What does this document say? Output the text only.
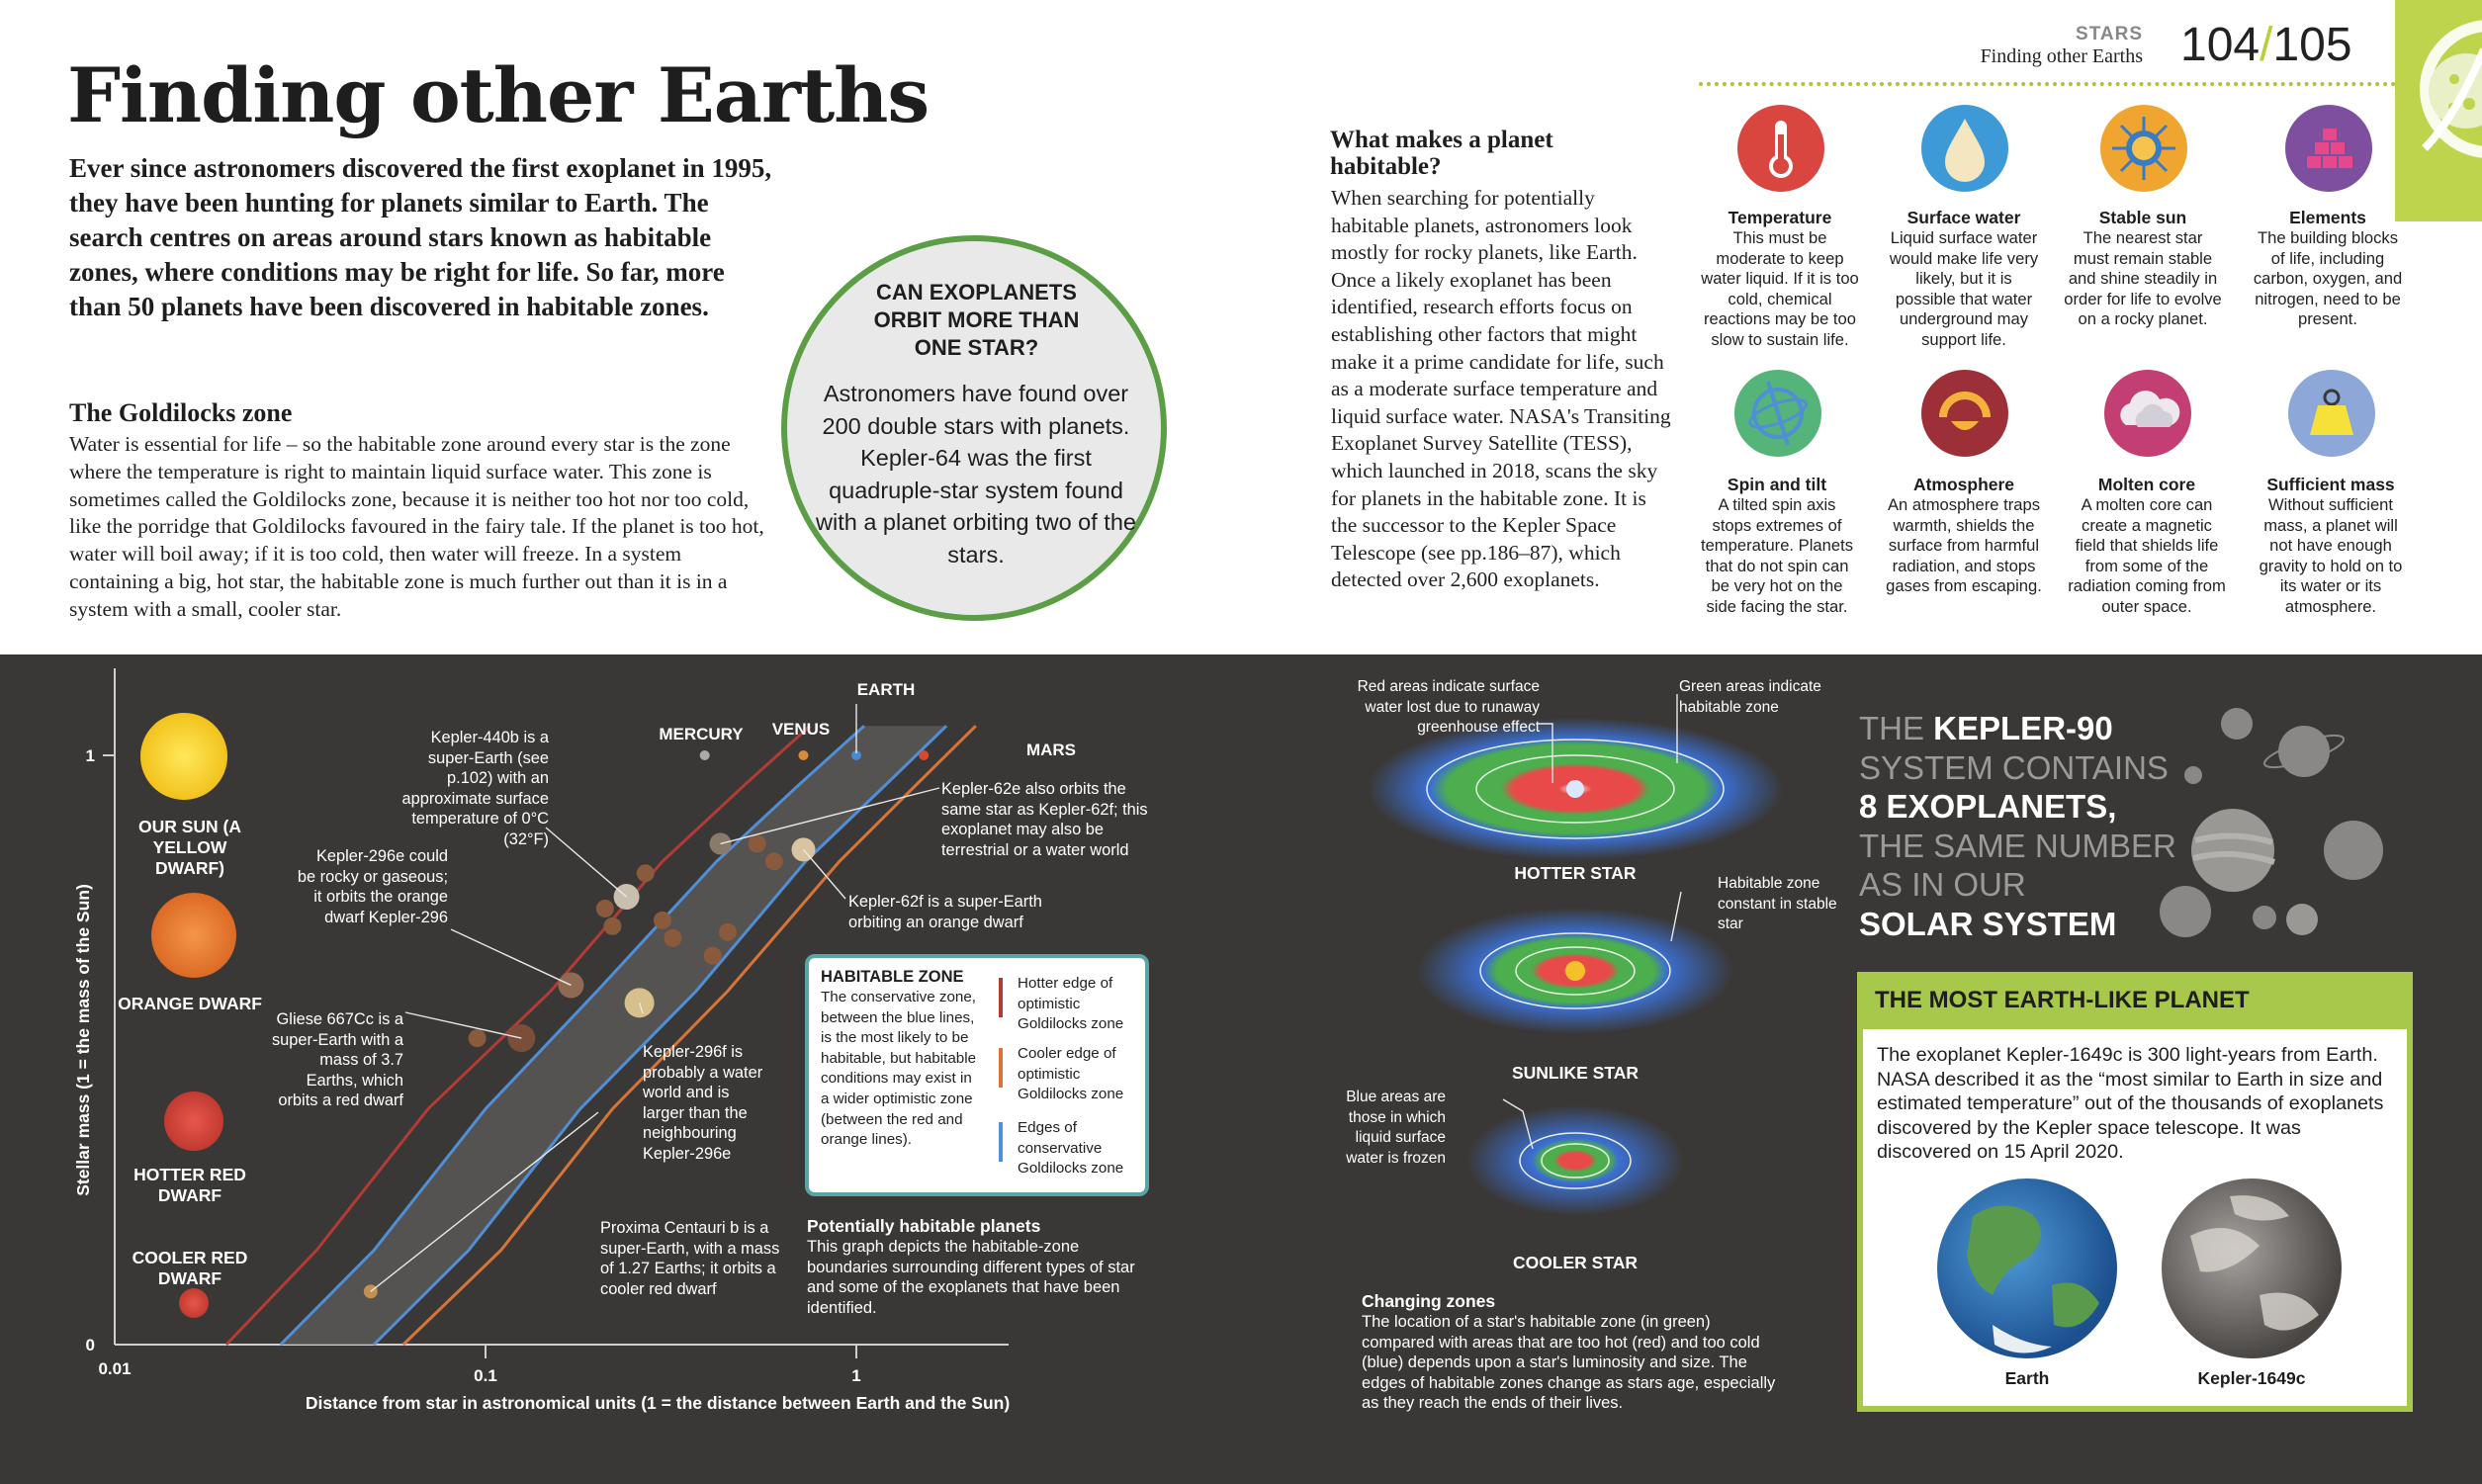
STARS
Finding other Earths 104/105
Finding other Earths

Ever since astronomers discovered the first exoplanet in 1995, they have been hunting for planets similar to Earth. The search centres on areas around stars known as habitable zones, where conditions may be right for life. So far, more than 50 planets have been discovered in habitable zones.

The Goldilocks zone

Water is essential for life – so the habitable zone around every star is the zone where the temperature is right to maintain liquid surface water. This zone is sometimes called the Goldilocks zone, because it is neither too hot nor too cold, like the porridge that Goldilocks favoured in the fairy tale. If the planet is too hot, water will boil away; if it is too cold, then water will freeze. In a system containing a big, hot star, the habitable zone is much further out than it is in a system with a small, cooler star.

CAN EXOPLANETS ORBIT MORE THAN ONE STAR?
Astronomers have found over 200 double stars with planets. Kepler-64 was the first quadruple-star system found with a planet orbiting two of the stars.
What makes a planet habitable?

When searching for potentially habitable planets, astronomers look mostly for rocky planets, like Earth. Once a likely exoplanet has been identified, research efforts focus on establishing other factors that might make it a prime candidate for life, such as a moderate surface temperature and liquid surface water. NASA's Transiting Exoplanet Survey Satellite (TESS), which launched in 2018, scans the sky for planets in the habitable zone. It is the successor to the Kepler Space Telescope (see pp.186–87), which detected over 2,600 exoplanets.

Temperature
This must be moderate to keep water liquid. If it is too cold, chemical reactions may be too slow to sustain life.
Surface water
Liquid surface water would make life very likely, but it is possible that water underground may support life.
Stable sun
The nearest star must remain stable and shine steadily in order for life to evolve on a rocky planet.
Elements
The building blocks of life, including carbon, oxygen, and nitrogen, need to be present.
Spin and tilt
A tilted spin axis stops extremes of temperature. Planets that do not spin can be very hot on the side facing the star.
Atmosphere
An atmosphere traps warmth, shields the surface from harmful radiation, and stops gases from escaping.
Molten core
A molten core can create a magnetic field that shields life from some of the radiation coming from outer space.
Sufficient mass
Without sufficient mass, a planet will not have enough gravity to hold on to its water or its atmosphere.
1
0
0.01	0.1	1
Distance from star in astronomical units (1 = the distance between Earth and the Sun)
Stellar mass (1 = the mass of the Sun)
MERCURY VENUS
EARTH
MARS
OUR SUN (A YELLOW DWARF)
ORANGE DWARF
HOTTER RED DWARF
COOLER RED DWARF
Kepler-440b is a super-Earth (see p.102) with an approximate surface temperature of 0°C (32°F)
Kepler-296e could be rocky or gaseous; it orbits the orange dwarf Kepler-296
Gliese 667Cc is a super-Earth with a mass of 3.7 Earths, which orbits a red dwarf
Kepler-296f is probably a water world and is larger than the neighbouring Kepler-296e
Kepler-62e also orbits the same star as Kepler-62f; this exoplanet may also be terrestrial or a water world
Kepler-62f is a super-Earth orbiting an orange dwarf
Proxima Centauri b is a super-Earth, with a mass of 1.27 Earths; it orbits a cooler red dwarf
HABITABLE ZONE
The conservative zone, between the blue lines, is the most likely to be habitable, but habitable conditions may exist in a wider optimistic zone (between the red and orange lines).
Hotter edge of optimistic Goldilocks zone
Cooler edge of optimistic Goldilocks zone
Edges of conservative Goldilocks zone
Potentially habitable planets
This graph depicts the habitable-zone boundaries surrounding different types of star and some of the exoplanets that have been identified.
Red areas indicate surface water lost due to runaway greenhouse effect
Green areas indicate habitable zone
Habitable zone constant in stable star
Blue areas are those in which liquid surface water is frozen
HOTTER STAR
SUNLIKE STAR
COOLER STAR
Changing zones
The location of a star's habitable zone (in green) compared with areas that are too hot (red) and too cold (blue) depends upon a star's luminosity and size. The edges of habitable zones change as stars age, especially as they reach the ends of their lives.
THE KEPLER-90
SYSTEM CONTAINS
8 EXOPLANETS,
THE SAME NUMBER
AS IN OUR
SOLAR SYSTEM
THE MOST EARTH-LIKE PLANET
The exoplanet Kepler-1649c is 300 light-years from Earth. NASA described it as the “most similar to Earth in size and estimated temperature” out of the thousands of exoplanets discovered by the Kepler space telescope. It was discovered on 15 April 2020.
Earth	Kepler-1649c
